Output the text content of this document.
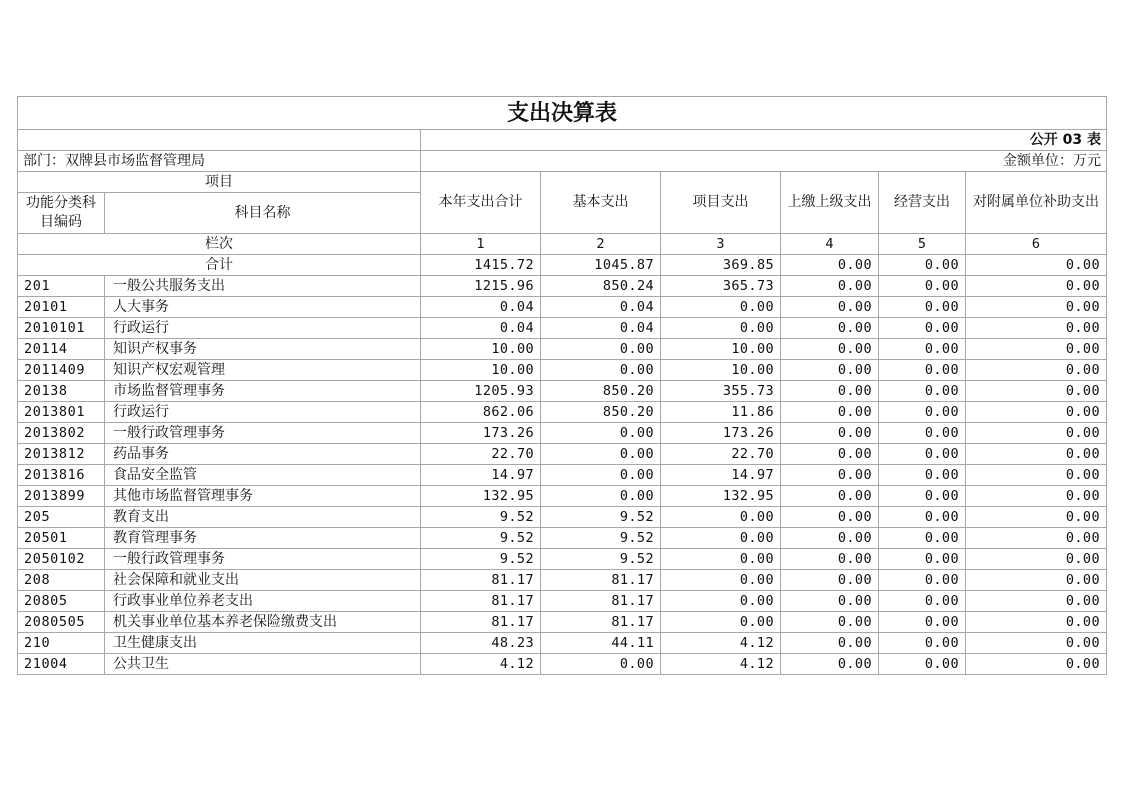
支出决算表							
		公开 03 表					
部门：双牌县市场监督管理局		金额单位：万元					
项目		本年支出合计	基本支出	项目支出	上缴上级支出	经营支出	对附属单位补助支出
功能分类科目编码	科目名称						
栏次		1	2	3	4	5	6
合计		1415.72	1045.87	369.85	0.00	0.00	0.00
201	一般公共服务支出	1215.96	850.24	365.73	0.00	0.00	0.00
20101	人大事务	0.04	0.04	0.00	0.00	0.00	0.00
2010101	行政运行	0.04	0.04	0.00	0.00	0.00	0.00
20114	知识产权事务	10.00	0.00	10.00	0.00	0.00	0.00
2011409	知识产权宏观管理	10.00	0.00	10.00	0.00	0.00	0.00
20138	市场监督管理事务	1205.93	850.20	355.73	0.00	0.00	0.00
2013801	行政运行	862.06	850.20	11.86	0.00	0.00	0.00
2013802	一般行政管理事务	173.26	0.00	173.26	0.00	0.00	0.00
2013812	药品事务	22.70	0.00	22.70	0.00	0.00	0.00
2013816	食品安全监管	14.97	0.00	14.97	0.00	0.00	0.00
2013899	其他市场监督管理事务	132.95	0.00	132.95	0.00	0.00	0.00
205	教育支出	9.52	9.52	0.00	0.00	0.00	0.00
20501	教育管理事务	9.52	9.52	0.00	0.00	0.00	0.00
2050102	一般行政管理事务	9.52	9.52	0.00	0.00	0.00	0.00
208	社会保障和就业支出	81.17	81.17	0.00	0.00	0.00	0.00
20805	行政事业单位养老支出	81.17	81.17	0.00	0.00	0.00	0.00
2080505	机关事业单位基本养老保险缴费支出	81.17	81.17	0.00	0.00	0.00	0.00
210	卫生健康支出	48.23	44.11	4.12	0.00	0.00	0.00
21004	公共卫生	4.12	0.00	4.12	0.00	0.00	0.00
